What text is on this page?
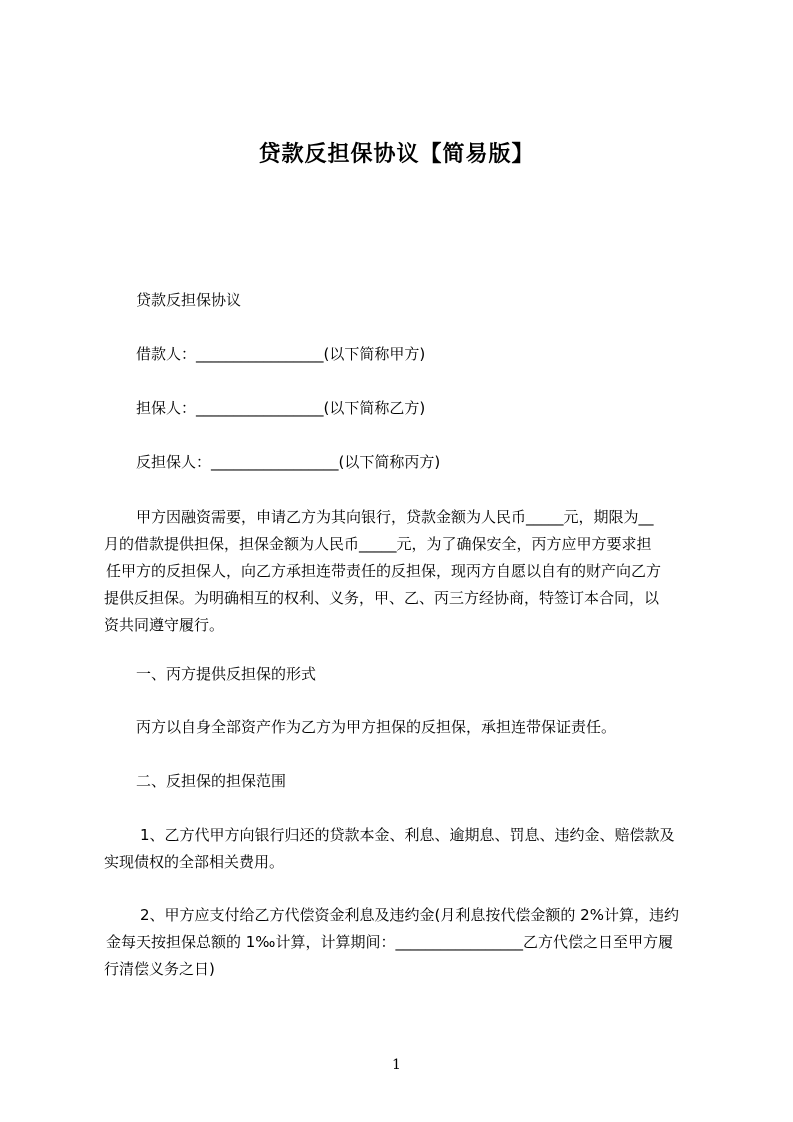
贷款反担保协议【简易版】
贷款反担保协议
借款人：_________________(以下简称甲方)
担保人：_________________(以下简称乙方)
反担保人：_________________(以下简称丙方)
甲方因融资需要，申请乙方为其向银行，贷款金额为人民币_____元，期限为__
月的借款提供担保，担保金额为人民币_____元，为了确保安全，丙方应甲方要求担
任甲方的反担保人，向乙方承担连带责任的反担保，现丙方自愿以自有的财产向乙方
提供反担保。为明确相互的权利、义务，甲、乙、丙三方经协商，特签订本合同，以
资共同遵守履行。
一、丙方提供反担保的形式
丙方以自身全部资产作为乙方为甲方担保的反担保，承担连带保证责任。
二、反担保的担保范围
1、乙方代甲方向银行归还的贷款本金、利息、逾期息、罚息、违约金、赔偿款及
实现债权的全部相关费用。
2、甲方应支付给乙方代偿资金利息及违约金(月利息按代偿金额的 2%计算，违约
金每天按担保总额的 1‰计算，计算期间：_________________乙方代偿之日至甲方履
行清偿义务之日)
1
